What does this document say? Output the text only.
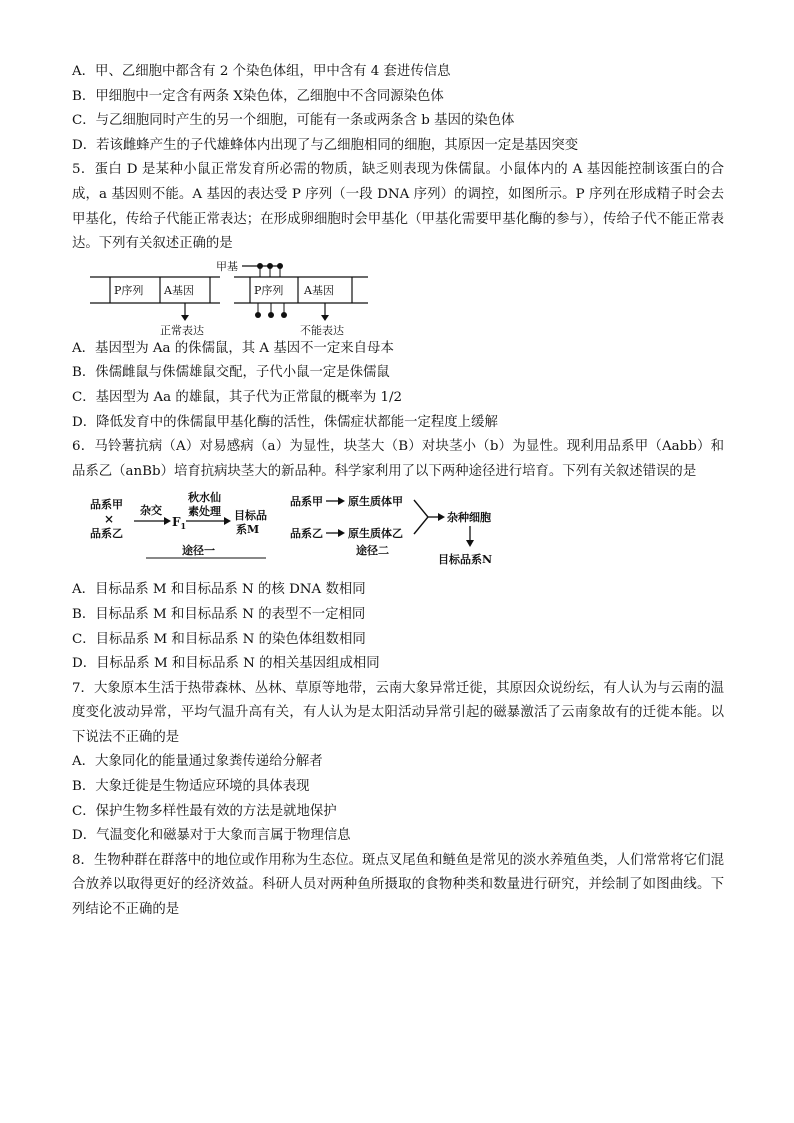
A．甲、乙细胞中都含有 2 个染色体组，甲中含有 4 套进传信息
B．甲细胞中一定含有两条 X染色体，乙细胞中不含同源染色体
C．与乙细胞同时产生的另一个细胞，可能有一条或两条含 b 基因的染色体
D．若该雌蜂产生的子代雄蜂体内出现了与乙细胞相同的细胞，其原因一定是基因突变
5．蛋白 D 是某种小鼠正常发育所必需的物质，缺乏则表现为侏儒鼠。小鼠体内的 A 基因能控制该蛋白的合成，a 基因则不能。A 基因的表达受 P 序列（一段 DNA 序列）的调控，如图所示。P 序列在形成精子时会去甲基化，传给子代能正常表达；在形成卵细胞时会甲基化（甲基化需要甲基化酶的参与），传给子代不能正常表达。下列有关叙述正确的是
P序列 A基因
正常表达
P序列 A基因
甲基
不能表达
A．基因型为 Aa 的侏儒鼠，其 A 基因不一定来自母本
B．侏儒雌鼠与侏儒雄鼠交配，子代小鼠一定是侏儒鼠
C．基因型为 Aa 的雄鼠，其子代为正常鼠的概率为 1/2
D．降低发育中的侏儒鼠甲基化酶的活性，侏儒症状都能一定程度上缓解
6．马铃薯抗病（A）对易感病（a）为显性，块茎大（B）对块茎小（b）为显性。现利用品系甲（Aabb）和品系乙（anBb）培育抗病块茎大的新品种。科学家利用了以下两种途径进行培育。下列有关叙述错误的是
品系甲
×
品系乙
杂交
$F_1$
秋水仙
素处理 目标品
系M
途径一
品系甲 原生质体甲
品系乙 原生质体乙
杂种细胞
途径二
目标品系N
A．目标品系 M 和目标品系 N 的核 DNA 数相同
B．目标品系 M 和目标品系 N 的表型不一定相同
C．目标品系 M 和目标品系 N 的染色体组数相同
D．目标品系 M 和目标品系 N 的相关基因组成相同
7．大象原本生活于热带森林、丛林、草原等地带，云南大象异常迁徙，其原因众说纷纭，有人认为与云南的温度变化波动异常，平均气温升高有关，有人认为是太阳活动异常引起的磁暴激活了云南象故有的迁徙本能。以下说法不正确的是
A．大象同化的能量通过象粪传递给分解者
B．大象迁徙是生物适应环境的具体表现
C．保护生物多样性最有效的方法是就地保护
D．气温变化和磁暴对于大象而言属于物理信息
8．生物种群在群落中的地位或作用称为生态位。斑点叉尾鱼和鲢鱼是常见的淡水养殖鱼类，人们常常将它们混合放养以取得更好的经济效益。科研人员对两种鱼所摄取的食物种类和数量进行研究，并绘制了如图曲线。下列结论不正确的是
